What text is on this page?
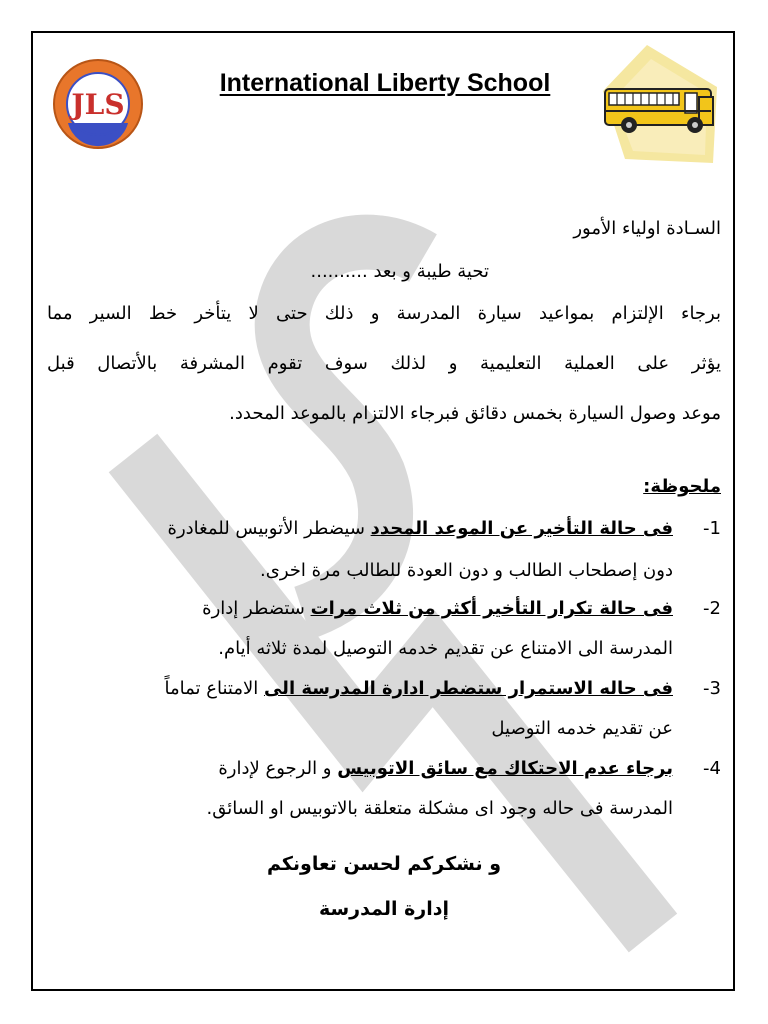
JLS
International Liberty School
السـادة اولياء الأمور
تحية طيبة و بعد ..........
برجاء الإلتزام بمواعيد سيارة المدرسة و ذلك حتى لا يتأخر خط السير مما
يؤثر على العملية التعليمية و لذلك سوف تقوم المشرفة بالأتصال قبل
موعد وصول السيارة بخمس دقائق فبرجاء الالتزام بالموعد المحدد.
ملحوظة:
-1
فى حالة التأخير عن الموعد المحدد سيضطر الأتوبيس للمغادرة
دون إصطحاب الطالب و دون العودة للطالب مرة اخرى.
-2
فى حالة تكرار التأخير أكثر من ثلاث مرات ستضطر إدارة
المدرسة الى الامتناع عن تقديم خدمه التوصيل لمدة ثلاثه أيام.
-3
فى حاله الاستمرار ستضطر ادارة المدرسة الى الامتناع تماماً
عن تقديم خدمه التوصيل
-4
برجاء عدم الاحتكاك مع سائق الاتوبيس و الرجوع لإدارة
المدرسة فى حاله وجود اى مشكلة متعلقة بالاتوبيس او السائق.
و نشكركم لحسن تعاونكم
إدارة المدرسة
